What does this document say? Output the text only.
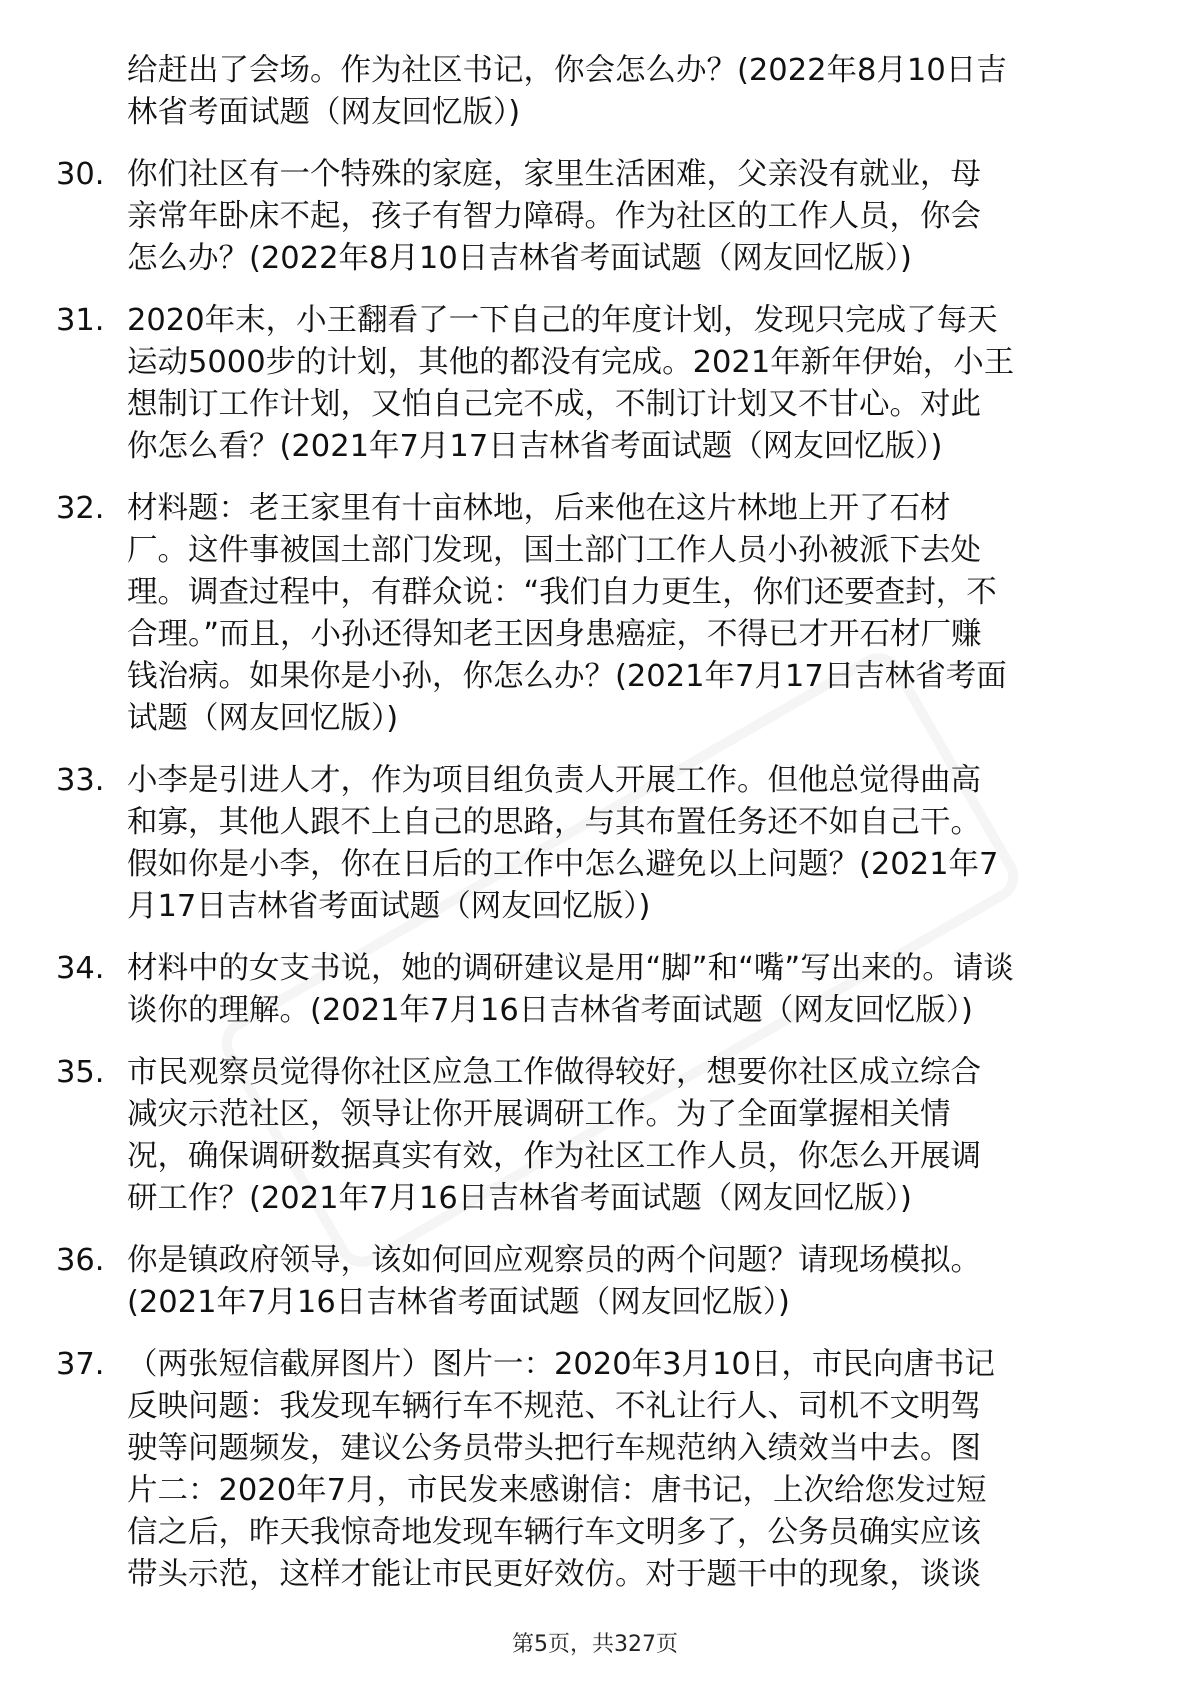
给赶出了会场。作为社区书记，你会怎么办？(2022年8月10日吉
林省考面试题（网友回忆版）)
30. 你们社区有一个特殊的家庭，家里生活困难，父亲没有就业，母
亲常年卧床不起，孩子有智力障碍。作为社区的工作人员，你会
怎么办？(2022年8月10日吉林省考面试题（网友回忆版）)
31. 2020年末，小王翻看了一下自己的年度计划，发现只完成了每天
运动5000步的计划，其他的都没有完成。2021年新年伊始，小王
想制订工作计划，又怕自己完不成，不制订计划又不甘心。对此
你怎么看？(2021年7月17日吉林省考面试题（网友回忆版）)
32. 材料题：老王家里有十亩林地，后来他在这片林地上开了石材
厂。这件事被国土部门发现，国土部门工作人员小孙被派下去处
理。调查过程中，有群众说：“我们自力更生，你们还要查封，不
合理。”而且，小孙还得知老王因身患癌症，不得已才开石材厂赚
钱治病。如果你是小孙，你怎么办？(2021年7月17日吉林省考面
试题（网友回忆版）)
33. 小李是引进人才，作为项目组负责人开展工作。但他总觉得曲高
和寡，其他人跟不上自己的思路，与其布置任务还不如自己干。
假如你是小李，你在日后的工作中怎么避免以上问题？(2021年7
月17日吉林省考面试题（网友回忆版）)
34. 材料中的女支书说，她的调研建议是用“脚”和“嘴”写出来的。请谈
谈你的理解。(2021年7月16日吉林省考面试题（网友回忆版）)
35. 市民观察员觉得你社区应急工作做得较好，想要你社区成立综合
减灾示范社区，领导让你开展调研工作。为了全面掌握相关情
况，确保调研数据真实有效，作为社区工作人员，你怎么开展调
研工作？(2021年7月16日吉林省考面试题（网友回忆版）)
36. 你是镇政府领导，该如何回应观察员的两个问题？请现场模拟。
(2021年7月16日吉林省考面试题（网友回忆版）)
37. （两张短信截屏图片）图片一：2020年3月10日，市民向唐书记
反映问题：我发现车辆行车不规范、不礼让行人、司机不文明驾
驶等问题频发，建议公务员带头把行车规范纳入绩效当中去。图
片二：2020年7月，市民发来感谢信：唐书记，上次给您发过短
信之后，昨天我惊奇地发现车辆行车文明多了，公务员确实应该
带头示范，这样才能让市民更好效仿。对于题干中的现象，谈谈
第5页，共327页
